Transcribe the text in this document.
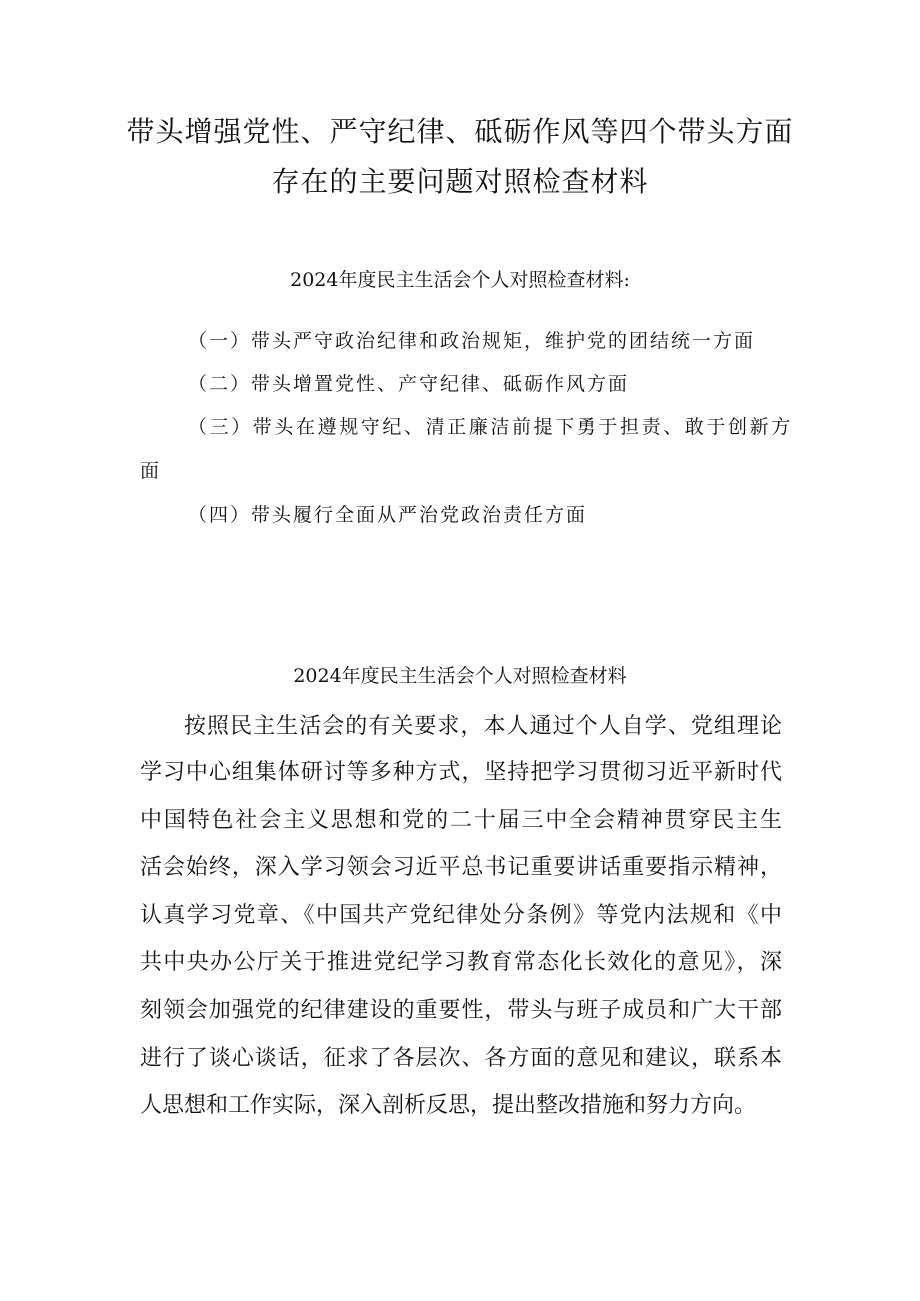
带头增强党性、严守纪律、砥砺作风等四个带头方面
存在的主要问题对照检查材料
2024年度民主生活会个人对照检查材料:
（一）带头严守政治纪律和政治规矩，维护党的团结统一方面
（二）带头增置党性、产守纪律、砥砺作风方面
（三）带头在遵规守纪、清正廉洁前提下勇于担责、敢于创新方
面
（四）带头履行全面从严治党政治责任方面
2024年度民主生活会个人对照检查材料
按照民主生活会的有关要求，本人通过个人自学、党组理论
学习中心组集体研讨等多种方式，坚持把学习贯彻习近平新时代
中国特色社会主义思想和党的二十届三中全会精神贯穿民主生
活会始终，深入学习领会习近平总书记重要讲话重要指示精神，
认真学习党章、《中国共产党纪律处分条例》等党内法规和《中
共中央办公厅关于推进党纪学习教育常态化长效化的意见》，深
刻领会加强党的纪律建设的重要性，带头与班子成员和广大干部
进行了谈心谈话，征求了各层次、各方面的意见和建议，联系本
人思想和工作实际，深入剖析反思，提出整改措施和努力方向。
